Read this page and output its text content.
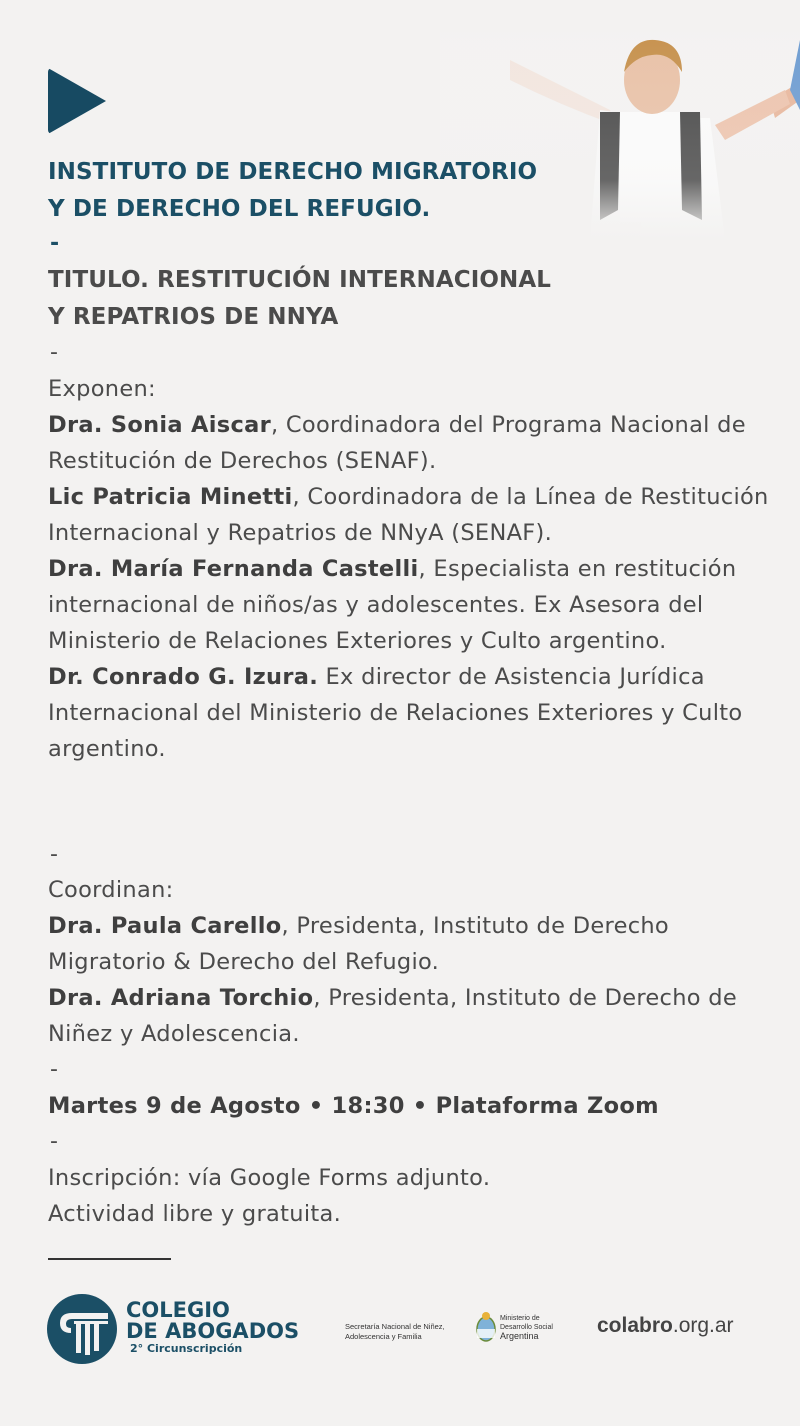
INSTITUTO DE DERECHO MIGRATORIO
Y DE DERECHO DEL REFUGIO.
-
TITULO. RESTITUCIÓN INTERNACIONAL
Y REPATRIOS DE NNYA
-
Exponen:
Dra. Sonia Aiscar, Coordinadora del Programa Nacional de Restitución de Derechos (SENAF).
Lic Patricia Minetti, Coordinadora de la Línea de Restitución Internacional y Repatrios de NNyA (SENAF).
Dra. María Fernanda Castelli, Especialista en restitución internacional de niños/as y adolescentes. Ex Asesora del Ministerio de Relaciones Exteriores y Culto argentino.
Dr. Conrado G. Izura. Ex director de Asistencia Jurídica Internacional del Ministerio de Relaciones Exteriores y Culto argentino.
-
Coordinan:
Dra. Paula Carello, Presidenta, Instituto de Derecho Migratorio & Derecho del Refugio.
Dra. Adriana Torchio, Presidenta, Instituto de Derecho de Niñez y Adolescencia.
-
Martes 9 de Agosto • 18:30 • Plataforma Zoom
-
Inscripción: vía Google Forms adjunto.
Actividad libre y gratuita.
COLEGIO
DE ABOGADOS
2° Circunscripción
Secretaría Nacional de Niñez,
Adolescencia y Familia
Ministerio de
Desarrollo Social
Argentina	colabro.org.ar
